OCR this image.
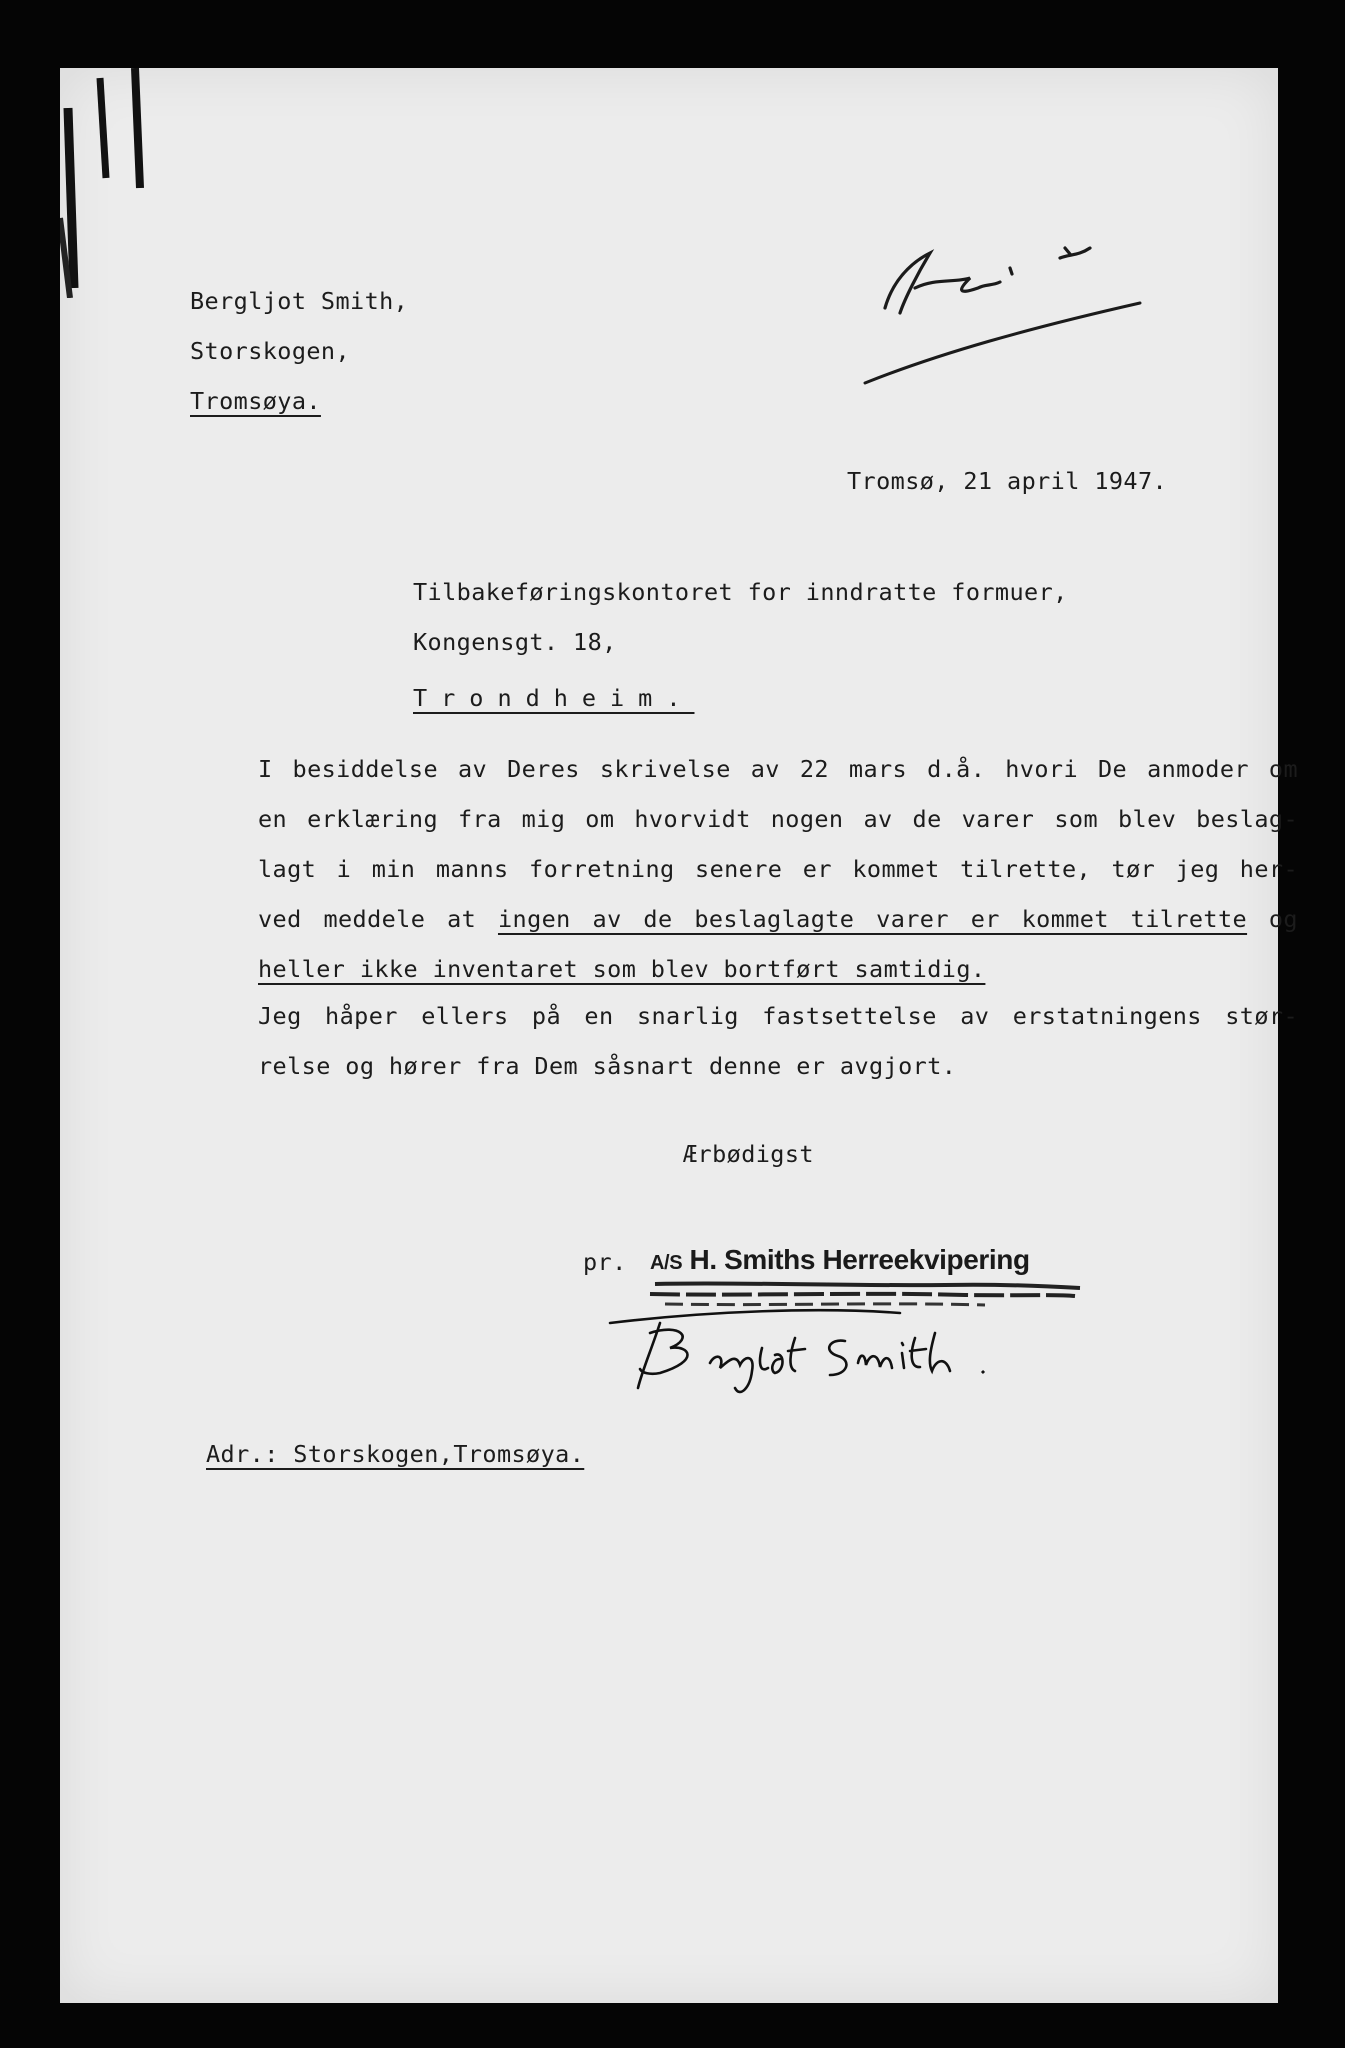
Bergljot Smith,
Storskogen,
Tromsøya.
Tromsø, 21 april 1947.
Tilbakeføringskontoret for inndratte formuer,
Kongensgt. 18,
Trondheim.
I besiddelse av Deres skrivelse av 22 mars d.å. hvori De anmoder om
en erklæring fra mig om hvorvidt nogen av de varer som blev beslag-
lagt i min manns forretning senere er kommet tilrette, tør jeg her-
ved meddele at ingen av de beslaglagte varer er kommet tilrette og
heller ikke inventaret som blev bortført samtidig.
Jeg håper ellers på en snarlig fastsettelse av erstatningens stør-
relse og hører fra Dem såsnart denne er avgjort.
Ærbødigst
pr. A/S H. Smiths Herreekvipering
Adr.: Storskogen,Tromsøya.
